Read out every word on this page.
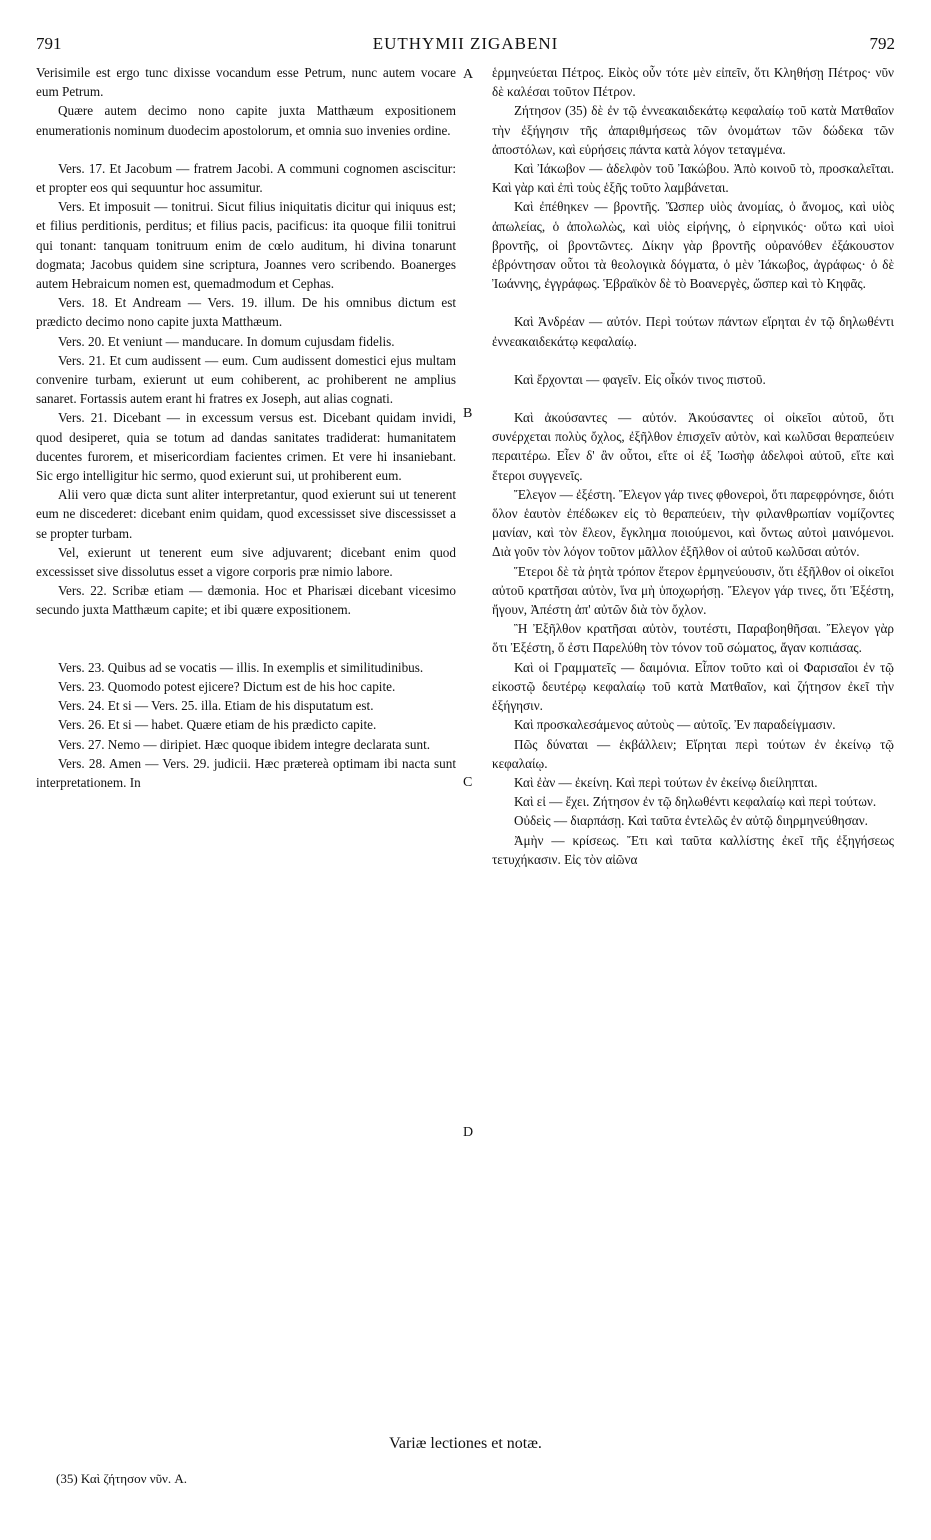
791	EUTHYMII ZIGABENI	792

Verisimile est ergo tunc dixisse vocandum esse Petrum, nunc autem vocare eum Petrum.

Quære autem decimo nono capite juxta Matthæum expositionem enumerationis nominum duodecim apostolorum, et omnia suo invenies ordine.

Vers. 17. Et Jacobum — fratrem Jacobi. A communi cognomen asciscitur: et propter eos qui sequuntur hoc assumitur.

Vers. Et imposuit — tonitrui. Sicut filius iniquitatis dicitur qui iniquus est; et filius perditionis, perditus; et filius pacis, pacificus: ita quoque filii tonitrui qui tonant: tanquam tonitruum enim de cœlo auditum, hi divina tonarunt dogmata; Jacobus quidem sine scriptura, Joannes vero scribendo. Boanerges autem Hebraicum nomen est, quemadmodum et Cephas.

Vers. 18. Et Andream — Vers. 19. illum. De his omnibus dictum est prædicto decimo nono capite juxta Matthæum.

Vers. 20. Et veniunt — manducare. In domum cujusdam fidelis.

Vers. 21. Et cum audissent — eum. Cum audissent domestici ejus multam convenire turbam, exierunt ut eum cohiberent, ac prohiberent ne amplius sanaret. Fortassis autem erant hi fratres ex Joseph, aut alias cognati.

Vers. 21. Dicebant — in excessum versus est. Dicebant quidam invidi, quod desiperet, quia se totum ad dandas sanitates tradiderat: humanitatem ducentes furorem, et misericordiam facientes crimen. Et vere hi insaniebant. Sic ergo intelligitur hic sermo, quod exierunt sui, ut prohiberent eum.

Alii vero quæ dicta sunt aliter interpretantur, quod exierunt sui ut tenerent eum ne discederet: dicebant enim quidam, quod excessisset sive discessisset a se propter turbam.

Vel, exierunt ut tenerent eum sive adjuvarent; dicebant enim quod excessisset sive dissolutus esset a vigore corporis præ nimio labore.

Vers. 22. Scribæ etiam — dæmonia. Hoc et Pharisæi dicebant vicesimo secundo juxta Matthæum capite; et ibi quære expositionem.

Vers. 23. Quibus ad se vocatis — illis. In exemplis et similitudinibus.

Vers. 23. Quomodo potest ejicere? Dictum est de his hoc capite.

Vers. 24. Et si — Vers. 25. illa. Etiam de his disputatum est.

Vers. 26. Et si — habet. Quære etiam de his prædicto capite.

Vers. 27. Nemo — diripiet. Hæc quoque ibidem integre declarata sunt.

Vers. 28. Amen — Vers. 29. judicii. Hæc prætereà optimam ibi nacta sunt interpretationem. In

ἑρμηνεύεται Πέτρος. Εἰκὸς οὖν τότε μὲν εἰπεῖν, ὅτι Κληθήσῃ Πέτρος· νῦν δὲ καλέσαι τοῦτον Πέτρον.

Ζήτησον (35) δὲ ἐν τῷ ἐννεακαιδεκάτῳ κεφαλαίῳ τοῦ κατὰ Ματθαῖον τὴν ἐξήγησιν τῆς ἀπαριθμήσεως τῶν ὀνομάτων τῶν δώδεκα τῶν ἀποστόλων, καὶ εὑρήσεις πάντα κατὰ λόγον τεταγμένα.

Καὶ Ἰάκωβον — ἀδελφὸν τοῦ Ἰακώβου. Ἀπὸ κοινοῦ τὸ, προσκαλεῖται. Καὶ γὰρ καὶ ἐπὶ τοὺς ἑξῆς τοῦτο λαμβάνεται.

Καὶ ἐπέθηκεν — βροντῆς. Ὥσπερ υἱὸς ἀνομίας, ὁ ἄνομος, καὶ υἱὸς ἀπωλείας, ὁ ἀπολωλὼς, καὶ υἱὸς εἰρήνης, ὁ εἰρηνικός· οὕτω καὶ υἱοὶ βροντῆς, οἱ βροντῶντες. Δίκην γὰρ βροντῆς οὐρανόθεν ἐξάκουστον ἐβρόντησαν οὗτοι τὰ θεολογικὰ δόγματα, ὁ μὲν Ἰάκωβος, ἀγράφως· ὁ δὲ Ἰωάννης, ἐγγράφως. Ἑβραϊκὸν δὲ τὸ Βοανεργὲς, ὥσπερ καὶ τὸ Κηφᾶς.

Καὶ Ἀνδρέαν — αὐτόν. Περὶ τούτων πάντων εἴρηται ἐν τῷ δηλωθέντι ἐννεακαιδεκάτῳ κεφαλαίῳ.

Καὶ ἔρχονται — φαγεῖν. Εἰς οἶκόν τινος πιστοῦ.

Καὶ ἀκούσαντες — αὐτόν. Ἀκούσαντες οἱ οἰκεῖοι αὐτοῦ, ὅτι συνέρχεται πολὺς ὄχλος, ἐξῆλθον ἐπισχεῖν αὐτὸν, καὶ κωλῦσαι θεραπεύειν περαιτέρω. Εἶεν δ' ἂν οὗτοι, εἴτε οἱ ἐξ Ἰωσὴφ ἀδελφοὶ αὐτοῦ, εἴτε καὶ ἕτεροι συγγενεῖς.

Ἔλεγον — ἐξέστη. Ἔλεγον γάρ τινες φθονεροὶ, ὅτι παρεφρόνησε, διότι ὅλον ἑαυτὸν ἐπέδωκεν εἰς τὸ θεραπεύειν, τὴν φιλανθρωπίαν νομίζοντες μανίαν, καὶ τὸν ἔλεον, ἔγκλημα ποιούμενοι, καὶ ὄντως αὐτοὶ μαινόμενοι. Διὰ γοῦν τὸν λόγον τοῦτον μᾶλλον ἐξῆλθον οἱ αὐτοῦ κωλῦσαι αὐτόν.

Ἕτεροι δὲ τὰ ῥητὰ τρόπον ἕτερον ἑρμηνεύουσιν, ὅτι ἐξῆλθον οἱ οἰκεῖοι αὐτοῦ κρατῆσαι αὐτὸν, ἵνα μὴ ὑποχωρήσῃ. Ἔλεγον γάρ τινες, ὅτι Ἐξέστη, ἤγουν, Ἀπέστη ἀπ' αὐτῶν διὰ τὸν ὄχλον.

Ἢ Ἐξῆλθον κρατῆσαι αὐτὸν, τουτέστι, Παραβοηθῆσαι. Ἔλεγον γὰρ ὅτι Ἐξέστη, ὅ ἐστι Παρελύθη τὸν τόνον τοῦ σώματος, ἄγαν κοπιάσας.

Καὶ οἱ Γραμματεῖς — δαιμόνια. Εἶπον τοῦτο καὶ οἱ Φαρισαῖοι ἐν τῷ εἰκοστῷ δευτέρῳ κεφαλαίῳ τοῦ κατὰ Ματθαῖον, καὶ ζήτησον ἐκεῖ τὴν ἐξήγησιν.

Καὶ προσκαλεσάμενος αὐτοὺς — αὐτοῖς. Ἐν παραδείγμασιν.

Πῶς δύναται — ἐκβάλλειν; Εἴρηται περὶ τούτων ἐν ἐκείνῳ τῷ κεφαλαίῳ.

Καὶ ἐὰν — ἐκείνη. Καὶ περὶ τούτων ἐν ἐκείνῳ διείληπται.

Καὶ εἰ — ἔχει. Ζήτησον ἐν τῷ δηλωθέντι κεφαλαίῳ καὶ περὶ τούτων.

Οὐδεὶς — διαρπάσῃ. Καὶ ταῦτα ἐντελῶς ἐν αὐτῷ διηρμηνεύθησαν.

Ἀμὴν — κρίσεως. Ἔτι καὶ ταῦτα καλλίστης ἐκεῖ τῆς ἐξηγήσεως τετυχήκασιν. Εἰς τὸν αἰῶνα

A
B
C
D
Variæ lectiones et notæ.
(35) Καὶ ζήτησον νῦν. A.
